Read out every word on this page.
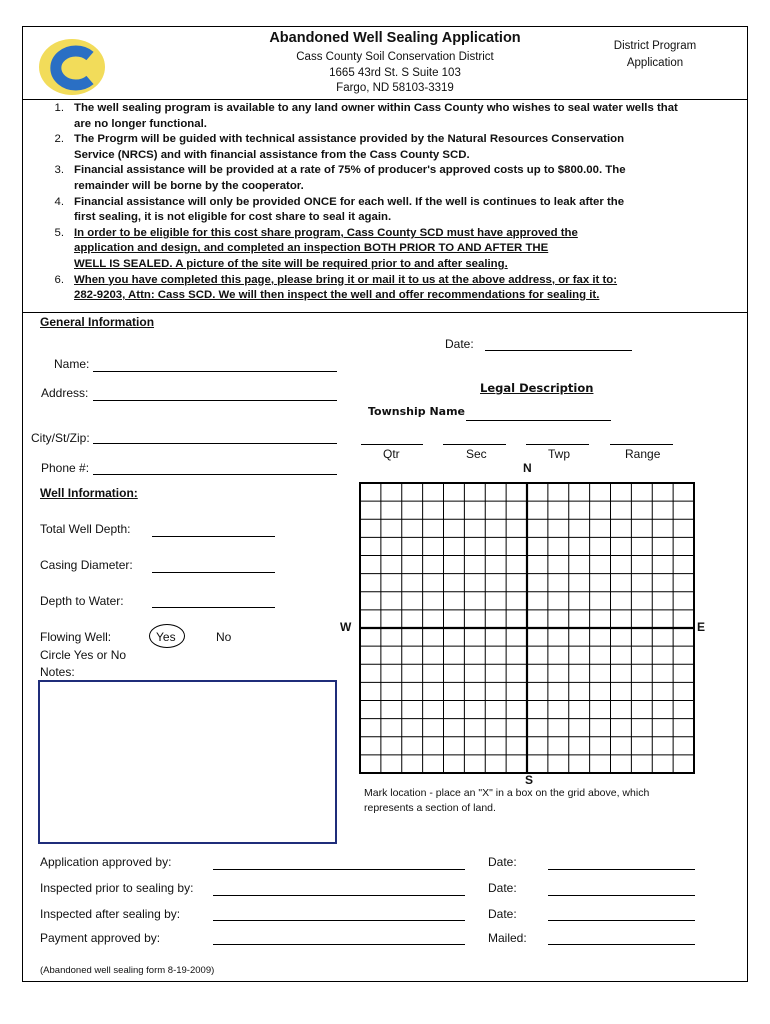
Abandoned Well Sealing Application
Cass County Soil Conservation District
1665 43rd St. S Suite 103
Fargo, ND 58103-3319
District Program
Application
1. The well sealing program is available to any land owner within Cass County who wishes to seal water wells that
are no longer functional.
2. The Progrm will be guided with technical assistance provided by the Natural Resources Conservation
Service (NRCS) and with financial assistance from the Cass County SCD.
3. Financial assistance will be provided at a rate of 75% of producer's approved costs up to $800.00. The
remainder will be borne by the cooperator.
4. Financial assistance will only be provided ONCE for each well. If the well is continues to leak after the
first sealing, it is not eligible for cost share to seal it again.
5. In order to be eligible for this cost share program, Cass County SCD must have approved the
application and design, and completed an inspection BOTH PRIOR TO AND AFTER THE
WELL IS SEALED. A picture of the site will be required prior to and after sealing.
6. When you have completed this page, please bring it or mail it to us at the above address, or fax it to:
282-9203, Attn: Cass SCD. We will then inspect the well and offer recommendations for sealing it.
General Information
Date:
Name:
Address:
City/St/Zip:
Phone #:
Legal Description
Township Name
Qtr	Sec	Twp	Range
N
S
W	E
Mark location - place an "X" in a box on the grid above, which
represents a section of land.
Well Information:
Total Well Depth:
Casing Diameter:
Depth to Water:
Flowing Well:	Yes	No
Circle Yes or No
Notes:
Application approved by:	Date:
Inspected prior to sealing by:	Date:
Inspected after sealing by:	Date:
Payment approved by:	Mailed:
(Abandoned well sealing form 8-19-2009)
